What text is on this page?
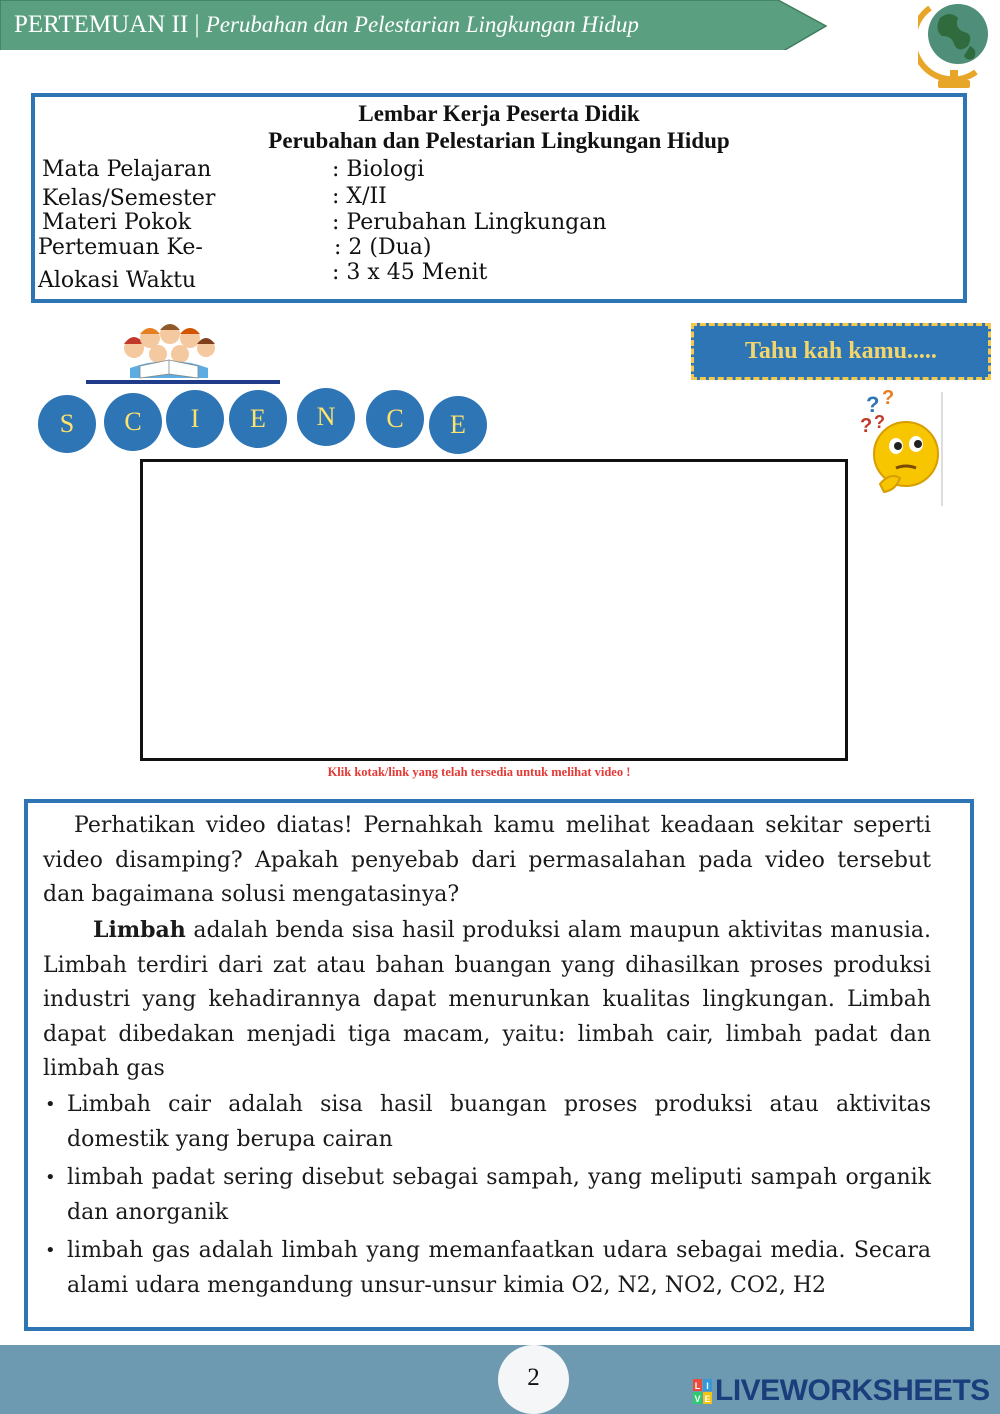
PERTEMUAN II | Perubahan dan Pelestarian Lingkungan Hidup
Lembar Kerja Peserta Didik
Perubahan dan Pelestarian Lingkungan Hidup
Mata Pelajaran	: Biologi
Kelas/Semester	: X/II
Materi Pokok	: Perubahan Lingkungan
Pertemuan Ke-	: 2 (Dua)
Alokasi Waktu	: 3 x 45 Menit
S	C	I	E	N	C	E
Tahu kah kamu.....
? ?
? ?
Klik kotak/link yang telah tersedia untuk melihat video !
Perhatikan video diatas! Pernahkah kamu melihat keadaan sekitar seperti video disamping? Apakah penyebab dari permasalahan pada video tersebut dan bagaimana solusi mengatasinya?
Limbah adalah benda sisa hasil produksi alam maupun aktivitas manusia. Limbah terdiri dari zat atau bahan buangan yang dihasilkan proses produksi industri yang kehadirannya dapat menurunkan kualitas lingkungan. Limbah dapat dibedakan menjadi tiga macam, yaitu: limbah cair, limbah padat dan limbah gas
• Limbah cair adalah sisa hasil buangan proses produksi atau aktivitas domestik yang berupa cairan
• limbah padat sering disebut sebagai sampah, yang meliputi sampah organik dan anorganik
• limbah gas adalah limbah yang memanfaatkan udara sebagai media. Secara alami udara mengandung unsur-unsur kimia O2, N2, NO2, CO2, H2
2	L I
V E LIVEWORKSHEETS
